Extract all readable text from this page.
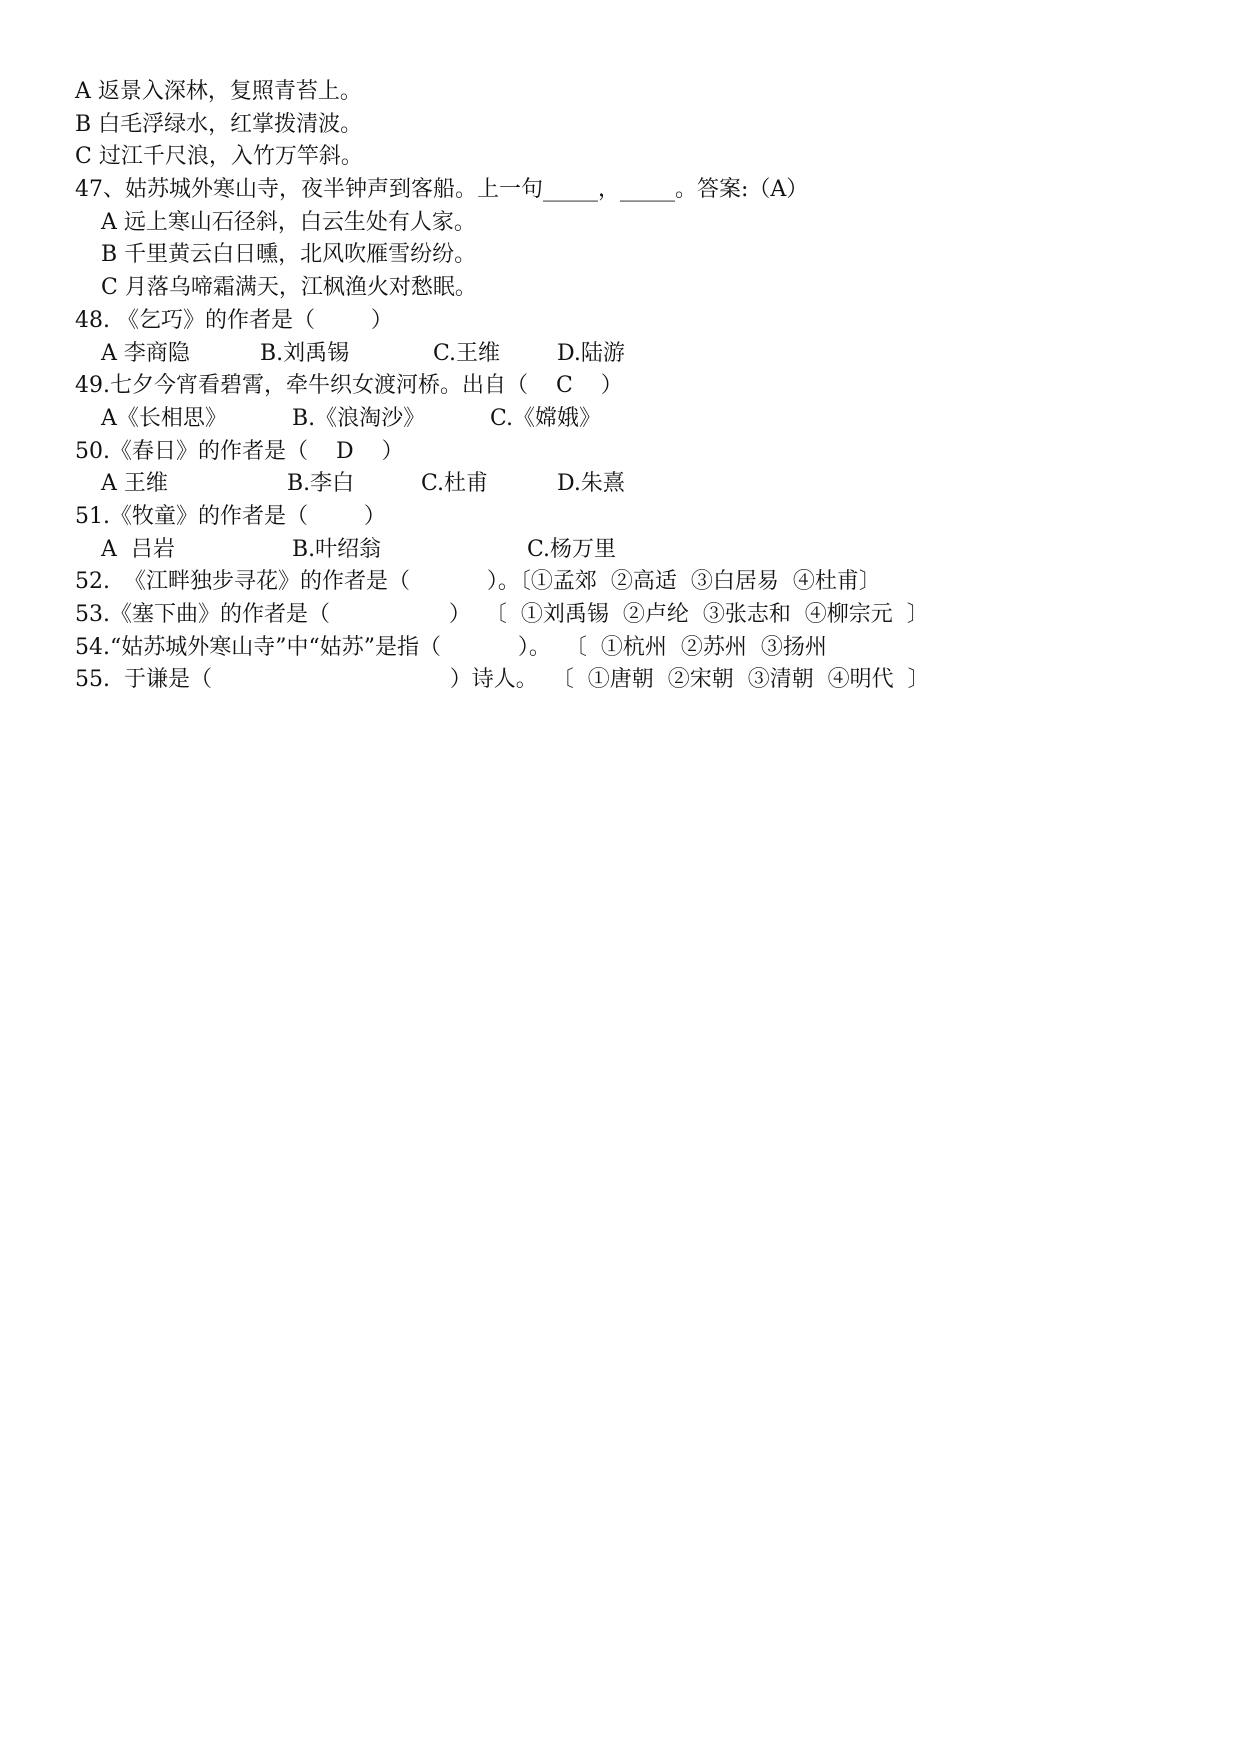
A 返景入深林，复照青苔上。
B 白毛浮绿水，红掌拨清波。
C 过江千尺浪，入竹万竿斜。
47、姑苏城外寒山寺，夜半钟声到客船。上一句_____，_____。答案:（A）
A 远上寒山石径斜，白云生处有人家。
B 千里黄云白日曛，北风吹雁雪纷纷。
C 月落乌啼霜满天，江枫渔火对愁眠。
48. 《乞巧》的作者是（        ）

A 李商隐

	B.刘禹锡

	C.王维

	D.陆游

49.七夕今宵看碧霄，牵牛织女渡河桥。出自（    C    ）

A《长相思》

	B.《浪淘沙》

	C.《嫦娥》

50.《春日》的作者是（    D    ）

A 王维

	B.李白

	C.杜甫

	D.朱熹

51.《牧童》的作者是（        ）

A  吕岩

	B.叶绍翁

	C.杨万里

52.  《江畔独步寻花》的作者是（           ）。〔①孟郊  ②高适  ③白居易  ④杜甫〕
53.《塞下曲》的作者是（                 ）  〔  ①刘禹锡  ②卢纶  ③张志和  ④柳宗元  〕
54.“姑苏城外寒山寺”中“姑苏”是指（           ）。  〔  ①杭州  ②苏州  ③扬州
55.  于谦是（                                  ）诗人。  〔  ①唐朝  ②宋朝  ③清朝  ④明代  〕
